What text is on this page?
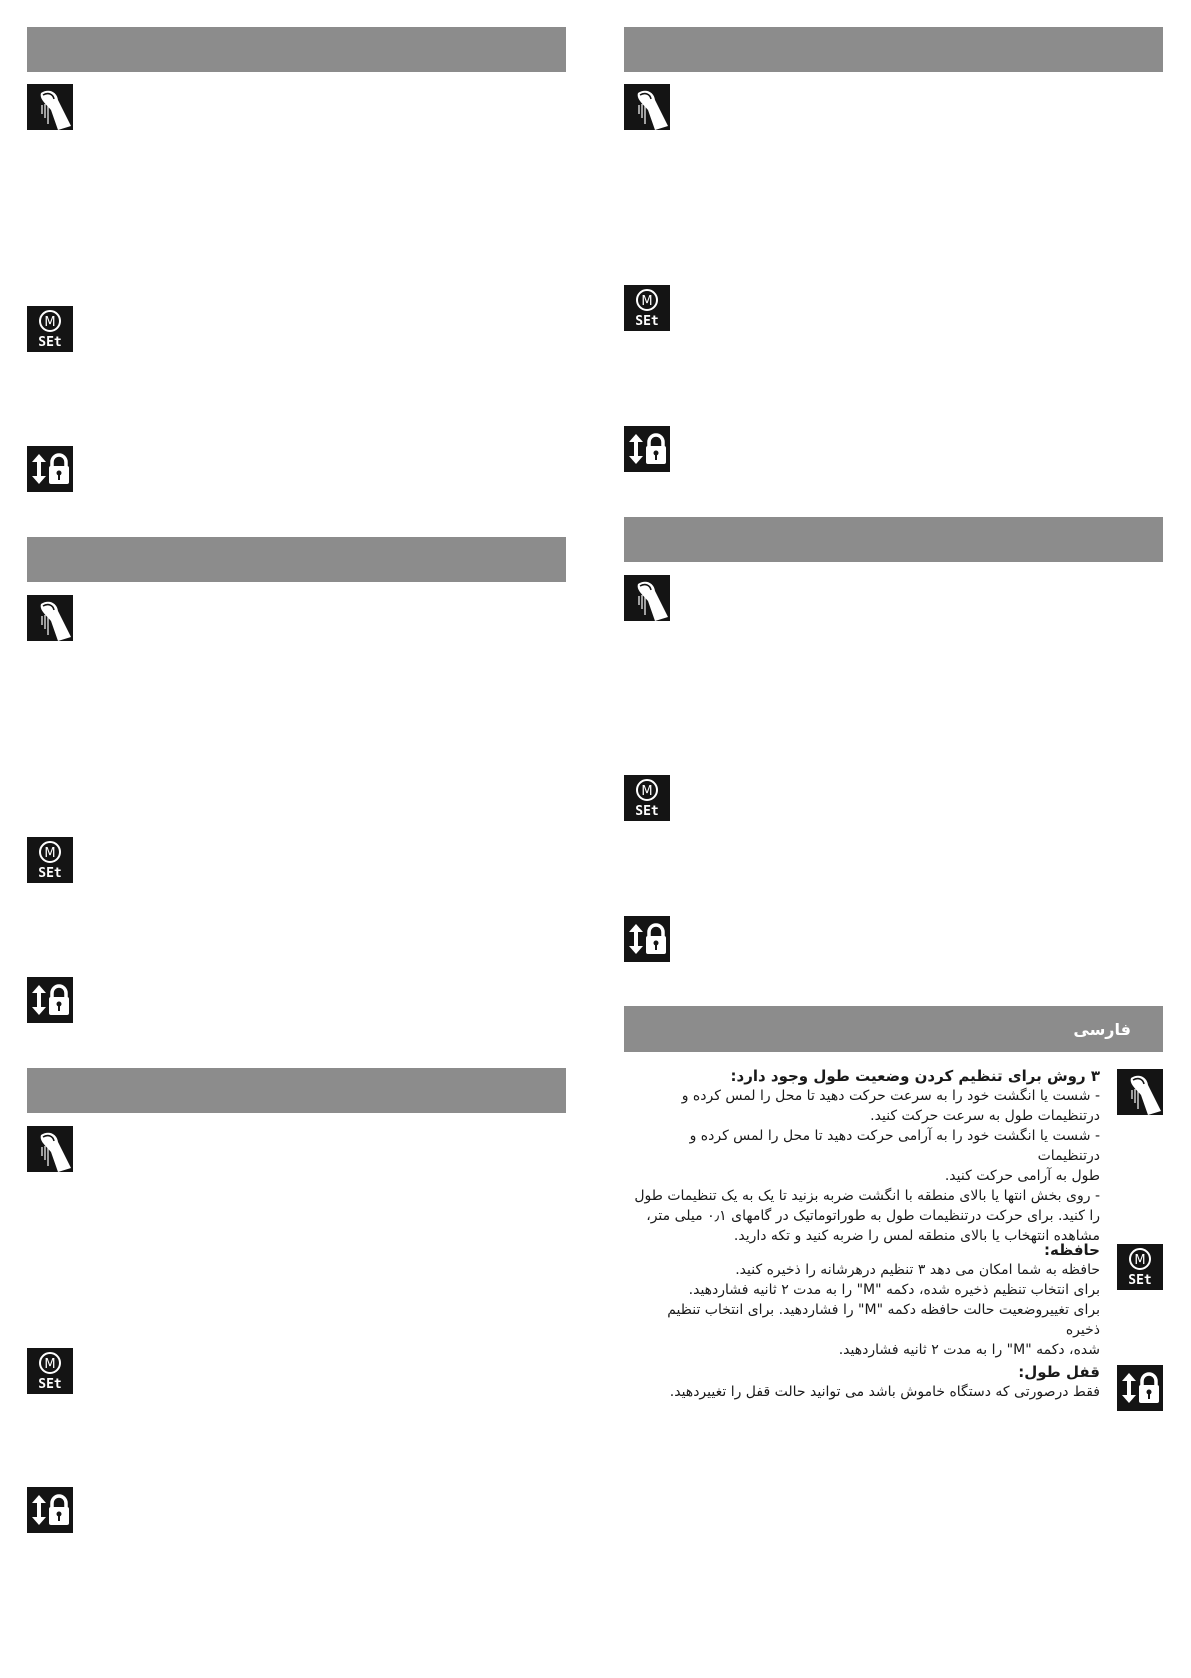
M
SEt
M
SEt
M
SEt
M
SEt
M
SEt
فارسی

۳ روش برای تنظیم کردن وضعیت طول وجود دارد:

- شست یا انگشت خود را به سرعت حرکت دهید تا محل را لمس کرده و

درتنظیمات طول به سرعت حرکت کنید.

- شست یا انگشت خود را به آرامی حرکت دهید تا محل را لمس کرده و درتنظیمات

طول به آرامی حرکت کنید.

- روی بخش انتها یا بالای منطقه با انگشت ضربه بزنید تا یک به یک تنظیمات طول

را کنید. برای حرکت درتنظیمات طول به طوراتوماتیک در گامهای ۰٫۱ میلی متر،

مشاهده انتهخاب یا بالای منطقه لمس را ضربه کنید و تکه دارید.

M
SEt

حافظه:

حافظه به شما امکان می دهد ۳ تنظیم درهرشانه را ذخیره کنید.

برای انتخاب تنظیم ذخیره شده، دکمه "M" را به مدت ۲ ثانیه فشاردهید.

برای تغییروضعیت حالت حافظه دکمه "M" را فشاردهید. برای انتخاب تنظیم ذخیره

شده، دکمه "M" را به مدت ۲ ثانیه فشاردهید.

قفل طول:

فقط درصورتی که دستگاه خاموش باشد می توانید حالت قفل را تغییردهید.
